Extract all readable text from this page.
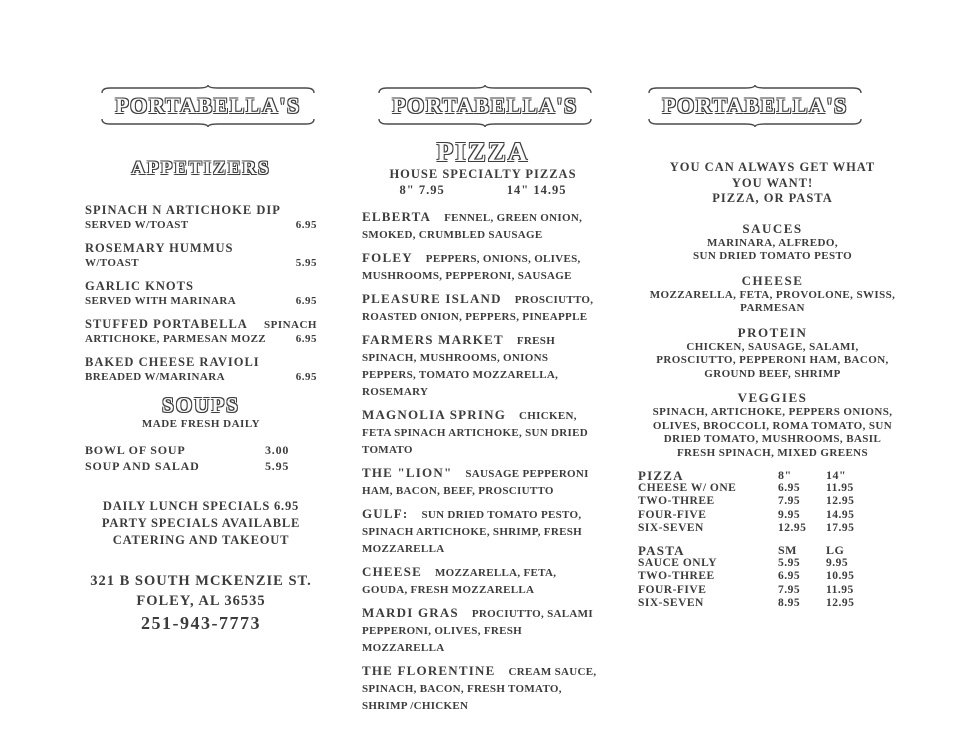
PORTABELLA'S	PORTABELLA'S	PORTABELLA'S
APPETIZERS
SPINACH N ARTICHOKE DIP
SERVED W/TOAST	6.95
ROSEMARY HUMMUS
W/TOAST	5.95
GARLIC KNOTS
SERVED WITH MARINARA	6.95
STUFFED PORTABELLA SPINACH
ARTICHOKE, PARMESAN MOZZ	6.95
BAKED CHEESE RAVIOLI
BREADED W/MARINARA	6.95
SOUPS
MADE FRESH DAILY
BOWL OF SOUP	3.00
SOUP AND SALAD	5.95
DAILY LUNCH SPECIALS 6.95
PARTY SPECIALS AVAILABLE
CATERING AND TAKEOUT
321 B SOUTH MCKENZIE ST.
FOLEY, AL 36535
251-943-7773
PIZZA
HOUSE SPECIALTY PIZZAS
8" 7.95	14" 14.95

ELBERTA FENNEL, GREEN ONION, SMOKED, CRUMBLED SAUSAGE

FOLEY PEPPERS, ONIONS, OLIVES, MUSHROOMS, PEPPERONI, SAUSAGE

PLEASURE ISLAND PROSCIUTTO, ROASTED ONION, PEPPERS, PINEAPPLE

FARMERS MARKET FRESH SPINACH, MUSHROOMS, ONIONS PEPPERS, TOMATO MOZZARELLA, ROSEMARY

MAGNOLIA SPRING CHICKEN, FETA SPINACH ARTICHOKE, SUN DRIED TOMATO

THE "LION" SAUSAGE PEPPERONI HAM, BACON, BEEF, PROSCIUTTO

GULF: SUN DRIED TOMATO PESTO, SPINACH ARTICHOKE, SHRIMP, FRESH MOZZARELLA

CHEESE MOZZARELLA, FETA, GOUDA, FRESH MOZZARELLA

MARDI GRAS PROCIUTTO, SALAMI PEPPERONI, OLIVES, FRESH MOZZARELLA

THE FLORENTINE CREAM SAUCE, SPINACH, BACON, FRESH TOMATO, SHRIMP /CHICKEN

YOU CAN ALWAYS GET WHAT
YOU WANT!
PIZZA, OR PASTA
SAUCES
MARINARA, ALFREDO,
SUN DRIED TOMATO PESTO
CHEESE
MOZZARELLA, FETA, PROVOLONE, SWISS,
PARMESAN
PROTEIN
CHICKEN, SAUSAGE, SALAMI,
PROSCIUTTO, PEPPERONI HAM, BACON,
GROUND BEEF, SHRIMP
VEGGIES
SPINACH, ARTICHOKE, PEPPERS ONIONS,
OLIVES, BROCCOLI, ROMA TOMATO, SUN
DRIED TOMATO, MUSHROOMS, BASIL
FRESH SPINACH, MIXED GREENS
PIZZA	8"	14"
CHEESE W/ ONE	6.95	11.95
TWO-THREE	7.95	12.95
FOUR-FIVE	9.95	14.95
SIX-SEVEN	12.95	17.95
PASTA	SM	LG
SAUCE ONLY	5.95	9.95
TWO-THREE	6.95	10.95
FOUR-FIVE	7.95	11.95
SIX-SEVEN	8.95	12.95
